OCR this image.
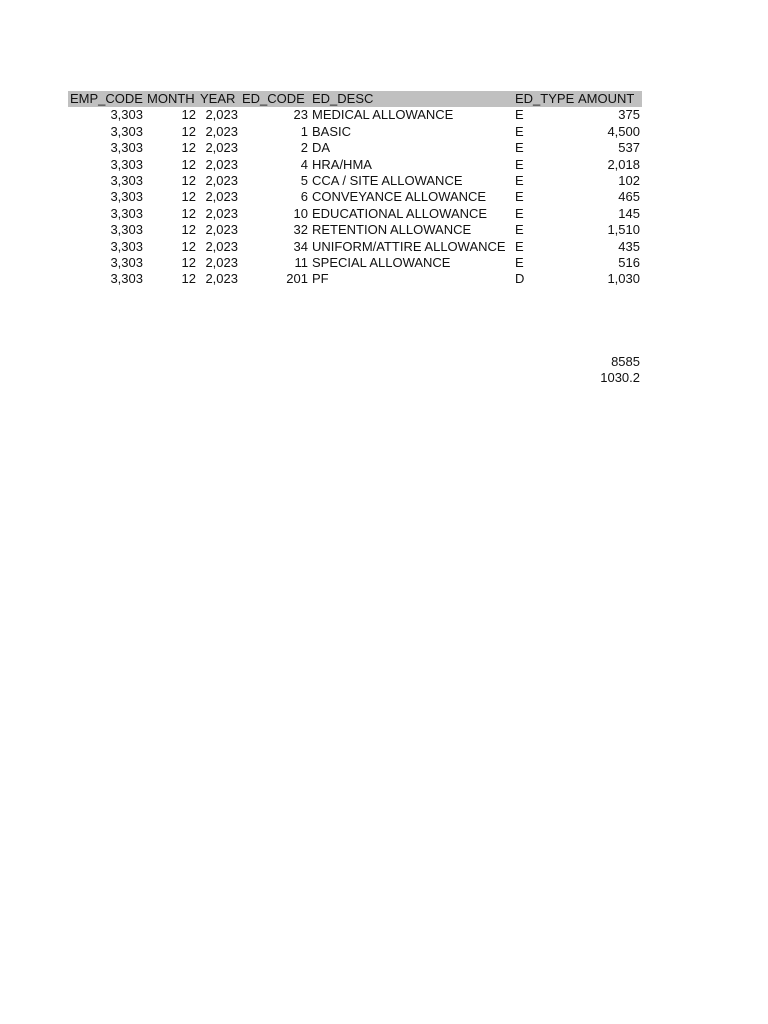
EMP_CODE	MONTH	YEAR	ED_CODE	ED_DESC	ED_TYPE	AMOUNT
3,303	12	2,023	23	MEDICAL ALLOWANCE	E	375
3,303	12	2,023	1	BASIC	E	4,500
3,303	12	2,023	2	DA	E	537
3,303	12	2,023	4	HRA/HMA	E	2,018
3,303	12	2,023	5	CCA / SITE ALLOWANCE	E	102
3,303	12	2,023	6	CONVEYANCE ALLOWANCE	E	465
3,303	12	2,023	10	EDUCATIONAL ALLOWANCE	E	145
3,303	12	2,023	32	RETENTION ALLOWANCE	E	1,510
3,303	12	2,023	34	UNIFORM/ATTIRE ALLOWANCE	E	435
3,303	12	2,023	11	SPECIAL ALLOWANCE	E	516
3,303	12	2,023	201	PF	D	1,030
8585
1030.2
